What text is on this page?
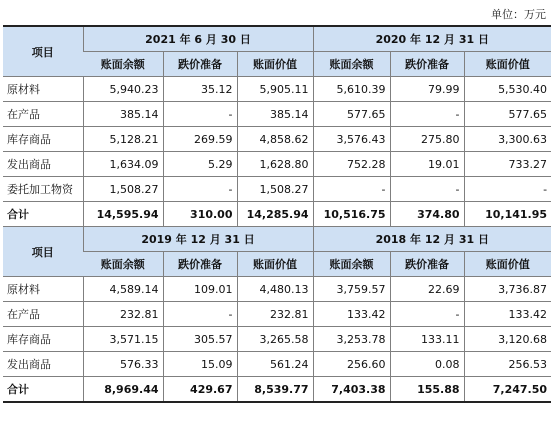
单位：万元
项目	2021 年 6 月 30 日			2020 年 12 月 31 日		
	账面余额	跌价准备	账面价值	账面余额	跌价准备	账面价值
原材料	5,940.23	35.12	5,905.11	5,610.39	79.99	5,530.40
在产品	385.14	-	385.14	577.65	-	577.65
库存商品	5,128.21	269.59	4,858.62	3,576.43	275.80	3,300.63
发出商品	1,634.09	5.29	1,628.80	752.28	19.01	733.27
委托加工物资	1,508.27	-	1,508.27	-	-	-
合计	14,595.94	310.00	14,285.94	10,516.75	374.80	10,141.95
项目	2019 年 12 月 31 日			2018 年 12 月 31 日		
	账面余额	跌价准备	账面价值	账面余额	跌价准备	账面价值
原材料	4,589.14	109.01	4,480.13	3,759.57	22.69	3,736.87
在产品	232.81	-	232.81	133.42	-	133.42
库存商品	3,571.15	305.57	3,265.58	3,253.78	133.11	3,120.68
发出商品	576.33	15.09	561.24	256.60	0.08	256.53
合计	8,969.44	429.67	8,539.77	7,403.38	155.88	7,247.50
